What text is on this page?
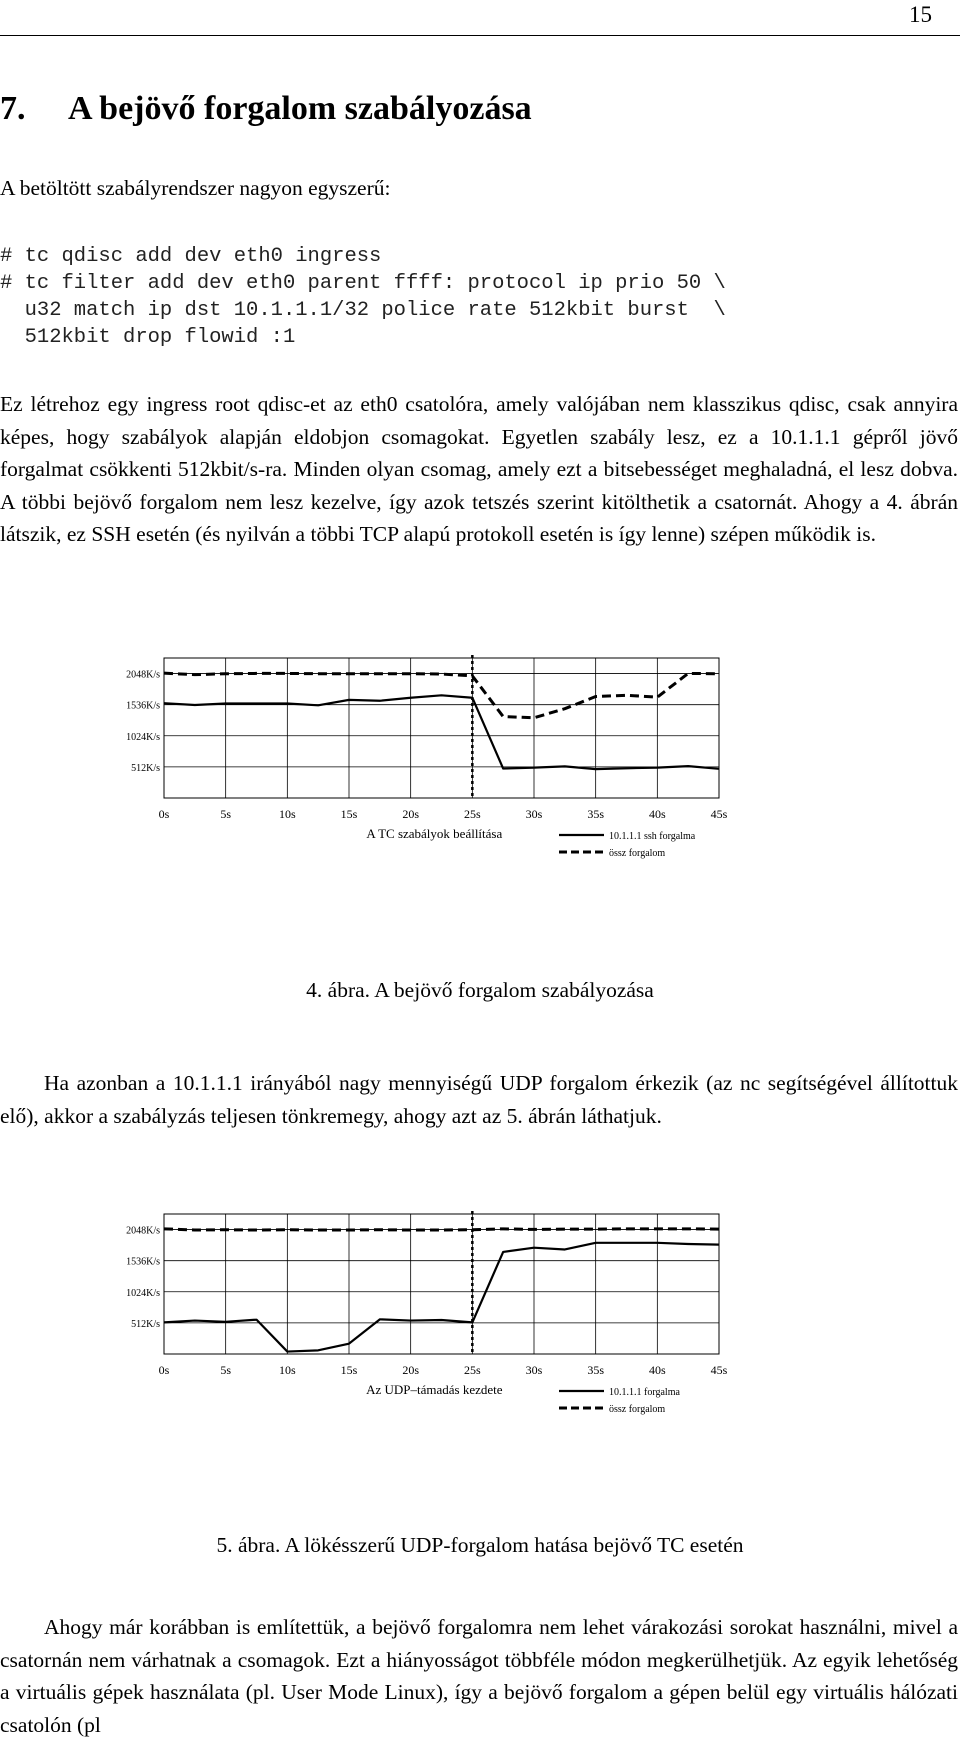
15
7. A bejövő forgalom szabályozása
A betöltött szabályrendszer nagyon egyszerű:
# tc qdisc add dev eth0 ingress
# tc filter add dev eth0 parent ffff: protocol ip prio 50 \
u32 match ip dst 10.1.1.1/32 police rate 512kbit burst  \
512kbit drop flowid :1
Ez létrehoz egy ingress root qdisc-et az eth0 csatolóra, amely valójában nem klasszikus qdisc, csak annyira képes, hogy szabályok alapján eldobjon csomagokat. Egyetlen szabály lesz, ez a 10.1.1.1 gépről jövő forgalmat csökkenti 512kbit/s-ra. Minden olyan csomag, amely ezt a bitsebességet meghaladná, el lesz dobva. A többi bejövő forgalom nem lesz kezelve, így azok tetszés szerint kitölthetik a csatornát. Ahogy a 4. ábrán látszik, ez SSH esetén (és nyilván a többi TCP alapú protokoll esetén is így lenne) szépen működik is.
512K/s
1024K/s
1536K/s
2048K/s
0s	5s	10s	15s	20s	25s	30s	35s	40s	45s
A TC szabályok beállítása	10.1.1.1 ssh forgalma
össz forgalom
4. ábra. A bejövő forgalom szabályozása
Ha azonban a 10.1.1.1 irányából nagy mennyiségű UDP forgalom érkezik (az nc segítségével állítottuk elő), akkor a szabályzás teljesen tönkremegy, ahogy azt az 5. ábrán láthatjuk.
512K/s
1024K/s
1536K/s
2048K/s
0s	5s	10s	15s	20s	25s	30s	35s	40s	45s
Az UDP–támadás kezdete	10.1.1.1 forgalma
össz forgalom
5. ábra. A lökésszerű UDP-forgalom hatása bejövő TC esetén
Ahogy már korábban is említettük, a bejövő forgalomra nem lehet várakozási sorokat használni, mivel a csatornán nem várhatnak a csomagok. Ezt a hiányosságot többféle módon megkerülhetjük. Az egyik lehetőség a virtuális gépek használata (pl. User Mode Linux), így a bejövő forgalom a gépen belül egy virtuális hálózati csatolón (pl
